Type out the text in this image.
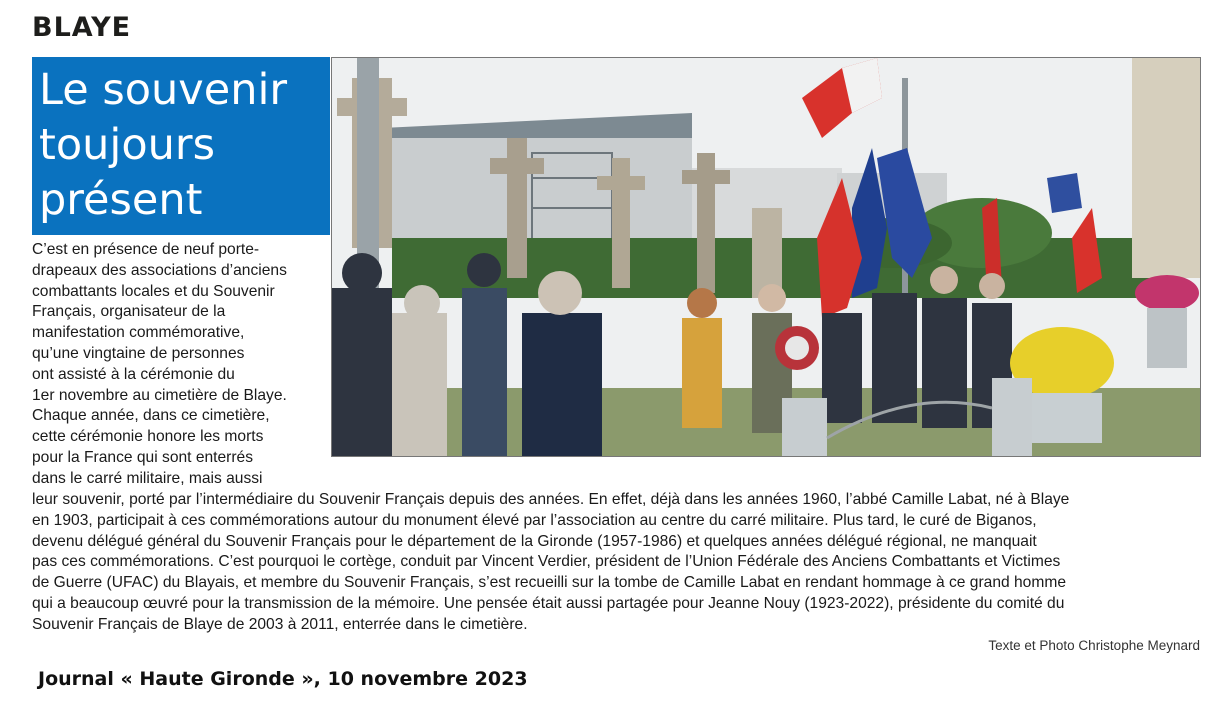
BLAYE
Le souvenir
toujours
présent
C’est en présence de neuf porte-
drapeaux des associations d’anciens
combattants locales et du Souvenir
Français, organisateur de la
manifestation commémorative,
qu’une vingtaine de personnes
ont assisté à la cérémonie du
1er novembre au cimetière de Blaye.
Chaque année, dans ce cimetière,
cette cérémonie honore les morts
pour la France qui sont enterrés
dans le carré militaire, mais aussi
leur souvenir, porté par l’intermédiaire du Souvenir Français depuis des années. En effet, déjà dans les années 1960, l’abbé Camille Labat, né à Blaye
en 1903, participait à ces commémorations autour du monument élevé par l’association au centre du carré militaire. Plus tard, le curé de Biganos,
devenu délégué général du Souvenir Français pour le département de la Gironde (1957-1986) et quelques années délégué régional, ne manquait
pas ces commémorations. C’est pourquoi le cortège, conduit par Vincent Verdier, président de l’Union Fédérale des Anciens Combattants et Victimes
de Guerre (UFAC) du Blayais, et membre du Souvenir Français, s’est recueilli sur la tombe de Camille Labat en rendant hommage à ce grand homme
qui a beaucoup œuvré pour la transmission de la mémoire. Une pensée était aussi partagée pour Jeanne Nouy (1923-2022), présidente du comité du
Souvenir Français de Blaye de 2003 à 2011, enterrée dans le cimetière.
Texte et Photo Christophe Meynard
Journal « Haute Gironde », 10 novembre 2023
